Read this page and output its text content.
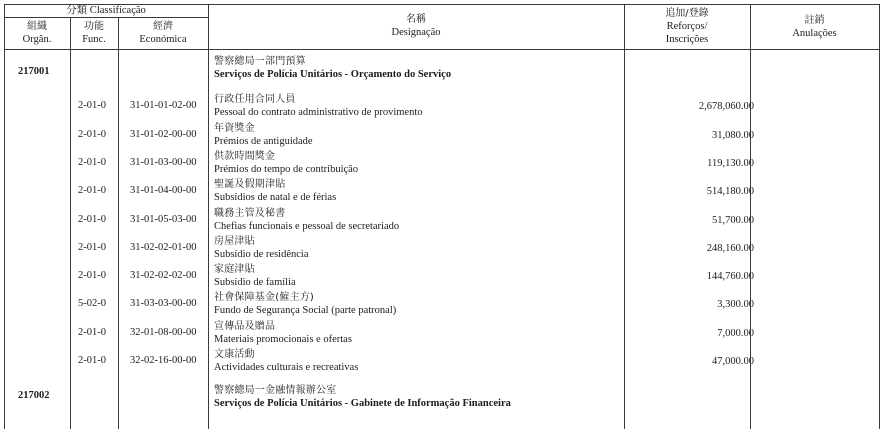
分類 Classificação
組織
Orgân.
功能
Func.
經濟
Económica
名稱
Designação
追加/登錄
Reforços/
Inscrições
註銷
Anulações
217001
警察總局一部門預算
Serviços de Polícia Unitários - Orçamento do Serviço
2-01-0 31-01-01-02-00
行政任用合同人員
Pessoal do contrato administrativo de provimento
2,678,060.00
2-01-0 31-01-02-00-00
年資獎金
Prémios de antiguidade
31,080.00
2-01-0 31-01-03-00-00
供款時間獎金
Prémios do tempo de contribuição
119,130.00
2-01-0 31-01-04-00-00
聖誕及假期津貼
Subsídios de natal e de férias
514,180.00
2-01-0 31-01-05-03-00
職務主管及秘書
Chefias funcionais e pessoal de secretariado
51,700.00
2-01-0 31-02-02-01-00
房屋津貼
Subsídio de residência
248,160.00
2-01-0 31-02-02-02-00
家庭津貼
Subsídio de família
144,760.00
5-02-0 31-03-03-00-00
社會保障基金(僱主方)
Fundo de Segurança Social (parte patronal)
3,300.00
2-01-0 32-01-08-00-00
宣傳品及贈品
Materiais promocionais e ofertas
7,000.00
2-01-0 32-02-16-00-00
文康活動
Actividades culturais e recreativas
47,000.00
217002	警察總局一金融情報辦公室
Serviços de Polícia Unitários - Gabinete de Informação Financeira
